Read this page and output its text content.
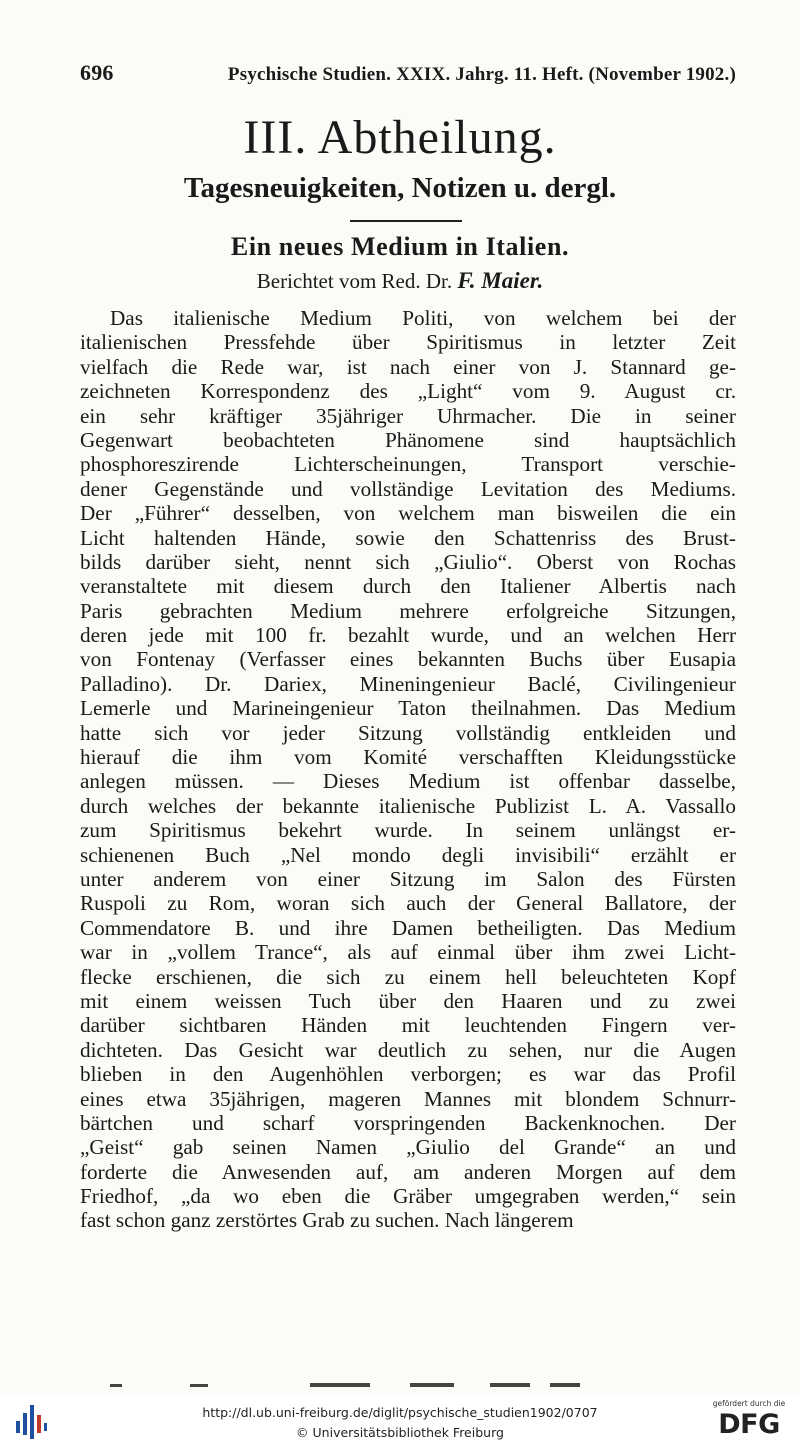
696	Psychische Studien. XXIX. Jahrg. 11. Heft. (November 1902.)
III. Abtheilung.
Tagesneuigkeiten, Notizen u. dergl.
Ein neues Medium in Italien.
Berichtet vom Red. Dr. F. Maier.
Das italienische Medium Politi, von welchem bei der
italienischen Pressfehde über Spiritismus in letzter Zeit
vielfach die Rede war, ist nach einer von J. Stannard ge-
zeichneten Korrespondenz des „Light“ vom 9. August cr.
ein sehr kräftiger 35jähriger Uhrmacher. Die in seiner
Gegenwart beobachteten Phänomene sind hauptsächlich
phosphoreszirende Lichterscheinungen, Transport verschie-
dener Gegenstände und vollständige Levitation des Mediums.
Der „Führer“ desselben, von welchem man bisweilen die ein
Licht haltenden Hände, sowie den Schattenriss des Brust-
bilds darüber sieht, nennt sich „Giulio“. Oberst von Rochas
veranstaltete mit diesem durch den Italiener Albertis nach
Paris gebrachten Medium mehrere erfolgreiche Sitzungen,
deren jede mit 100 fr. bezahlt wurde, und an welchen Herr
von Fontenay (Verfasser eines bekannten Buchs über Eusapia
Palladino). Dr. Dariex, Mineningenieur Baclé, Civilingenieur
Lemerle und Marineingenieur Taton theilnahmen. Das Medium
hatte sich vor jeder Sitzung vollständig entkleiden und
hierauf die ihm vom Komité verschafften Kleidungsstücke
anlegen müssen. — Dieses Medium ist offenbar dasselbe,
durch welches der bekannte italienische Publizist L. A. Vassallo
zum Spiritismus bekehrt wurde. In seinem unlängst er-
schienenen Buch „Nel mondo degli invisibili“ erzählt er
unter anderem von einer Sitzung im Salon des Fürsten
Ruspoli zu Rom, woran sich auch der General Ballatore, der
Commendatore B. und ihre Damen betheiligten. Das Medium
war in „vollem Trance“, als auf einmal über ihm zwei Licht-
flecke erschienen, die sich zu einem hell beleuchteten Kopf
mit einem weissen Tuch über den Haaren und zu zwei
darüber sichtbaren Händen mit leuchtenden Fingern ver-
dichteten. Das Gesicht war deutlich zu sehen, nur die Augen
blieben in den Augenhöhlen verborgen; es war das Profil
eines etwa 35jährigen, mageren Mannes mit blondem Schnurr-
bärtchen und scharf vorspringenden Backenknochen. Der
„Geist“ gab seinen Namen „Giulio del Grande“ an und
forderte die Anwesenden auf, am anderen Morgen auf dem
Friedhof, „da wo eben die Gräber umgegraben werden,“ sein
fast schon ganz zerstörtes Grab zu suchen. Nach längerem
http://dl.ub.uni-freiburg.de/diglit/psychische_studien1902/0707
© Universitätsbibliothek Freiburg
gefördert durch die
DFG
